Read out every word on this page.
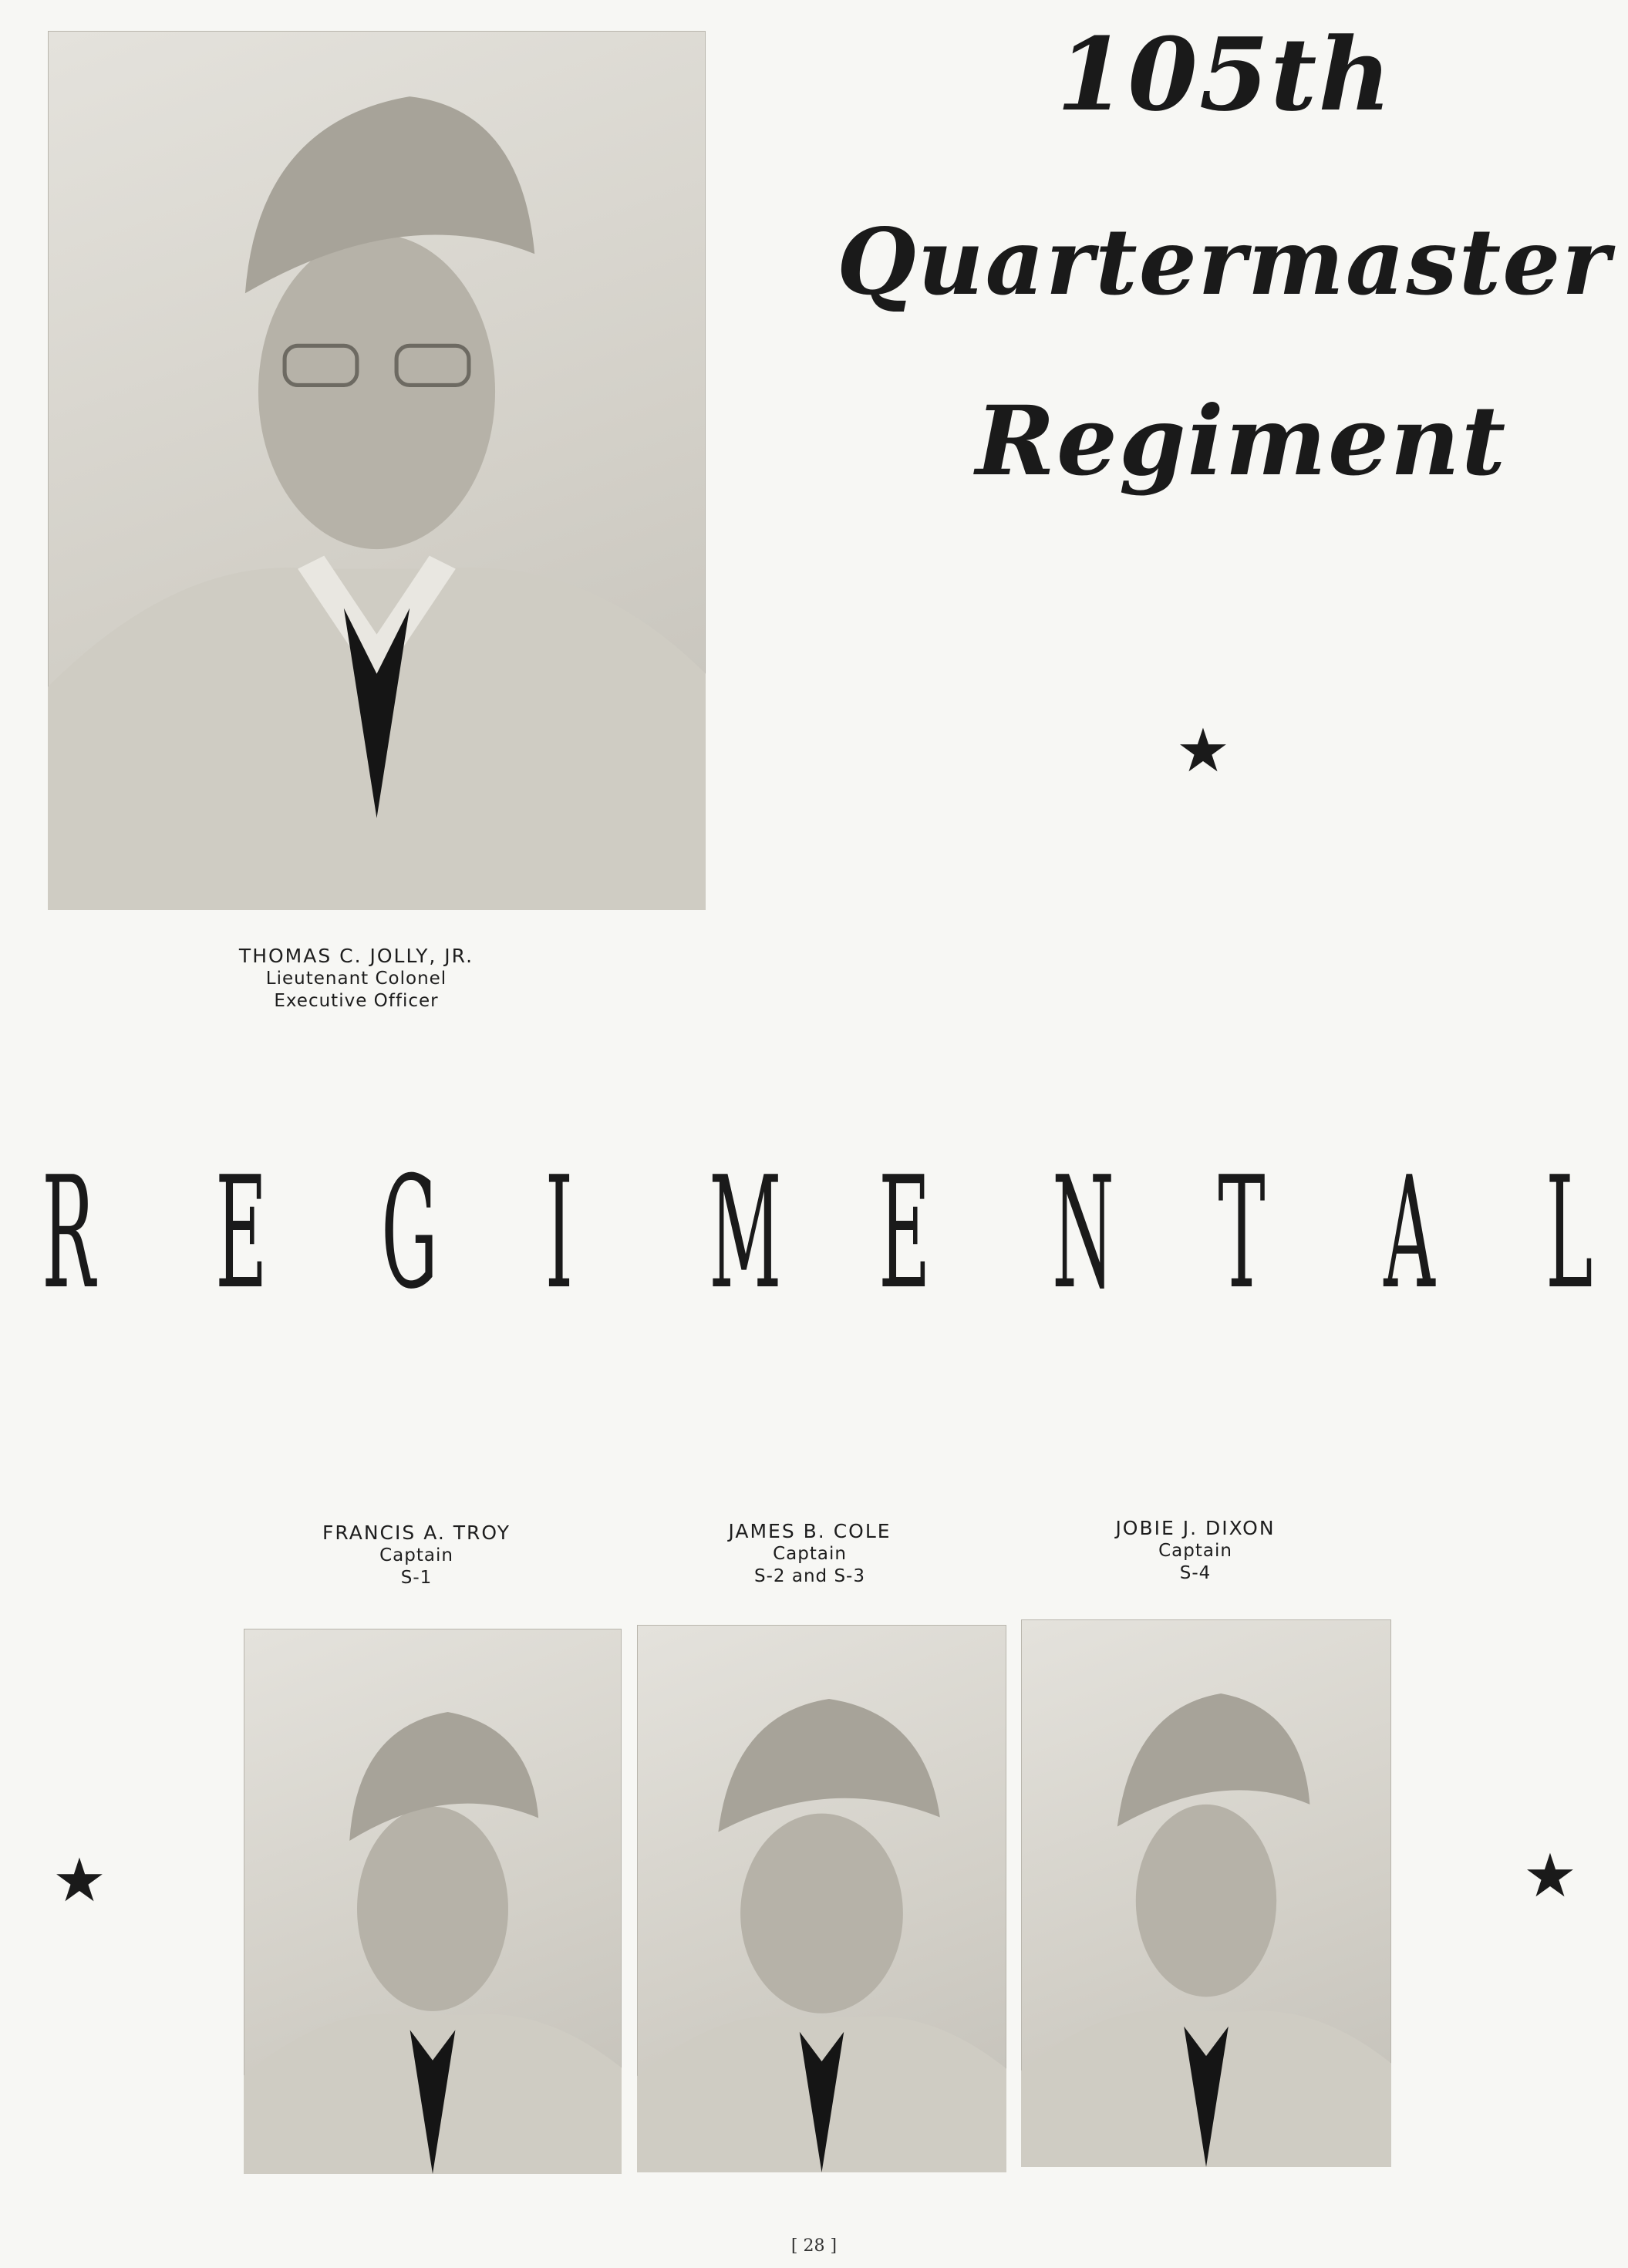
THOMAS C. JOLLY, JR.
Lieutenant Colonel
Executive Officer
105th
Quartermaster
Regiment
★
R E G I M E N T A L
FRANCIS A. TROY
Captain
S-1
JAMES B. COLE
Captain
S-2 and S-3
JOBIE J. DIXON
Captain
S-4
★	★
[ 28 ]
